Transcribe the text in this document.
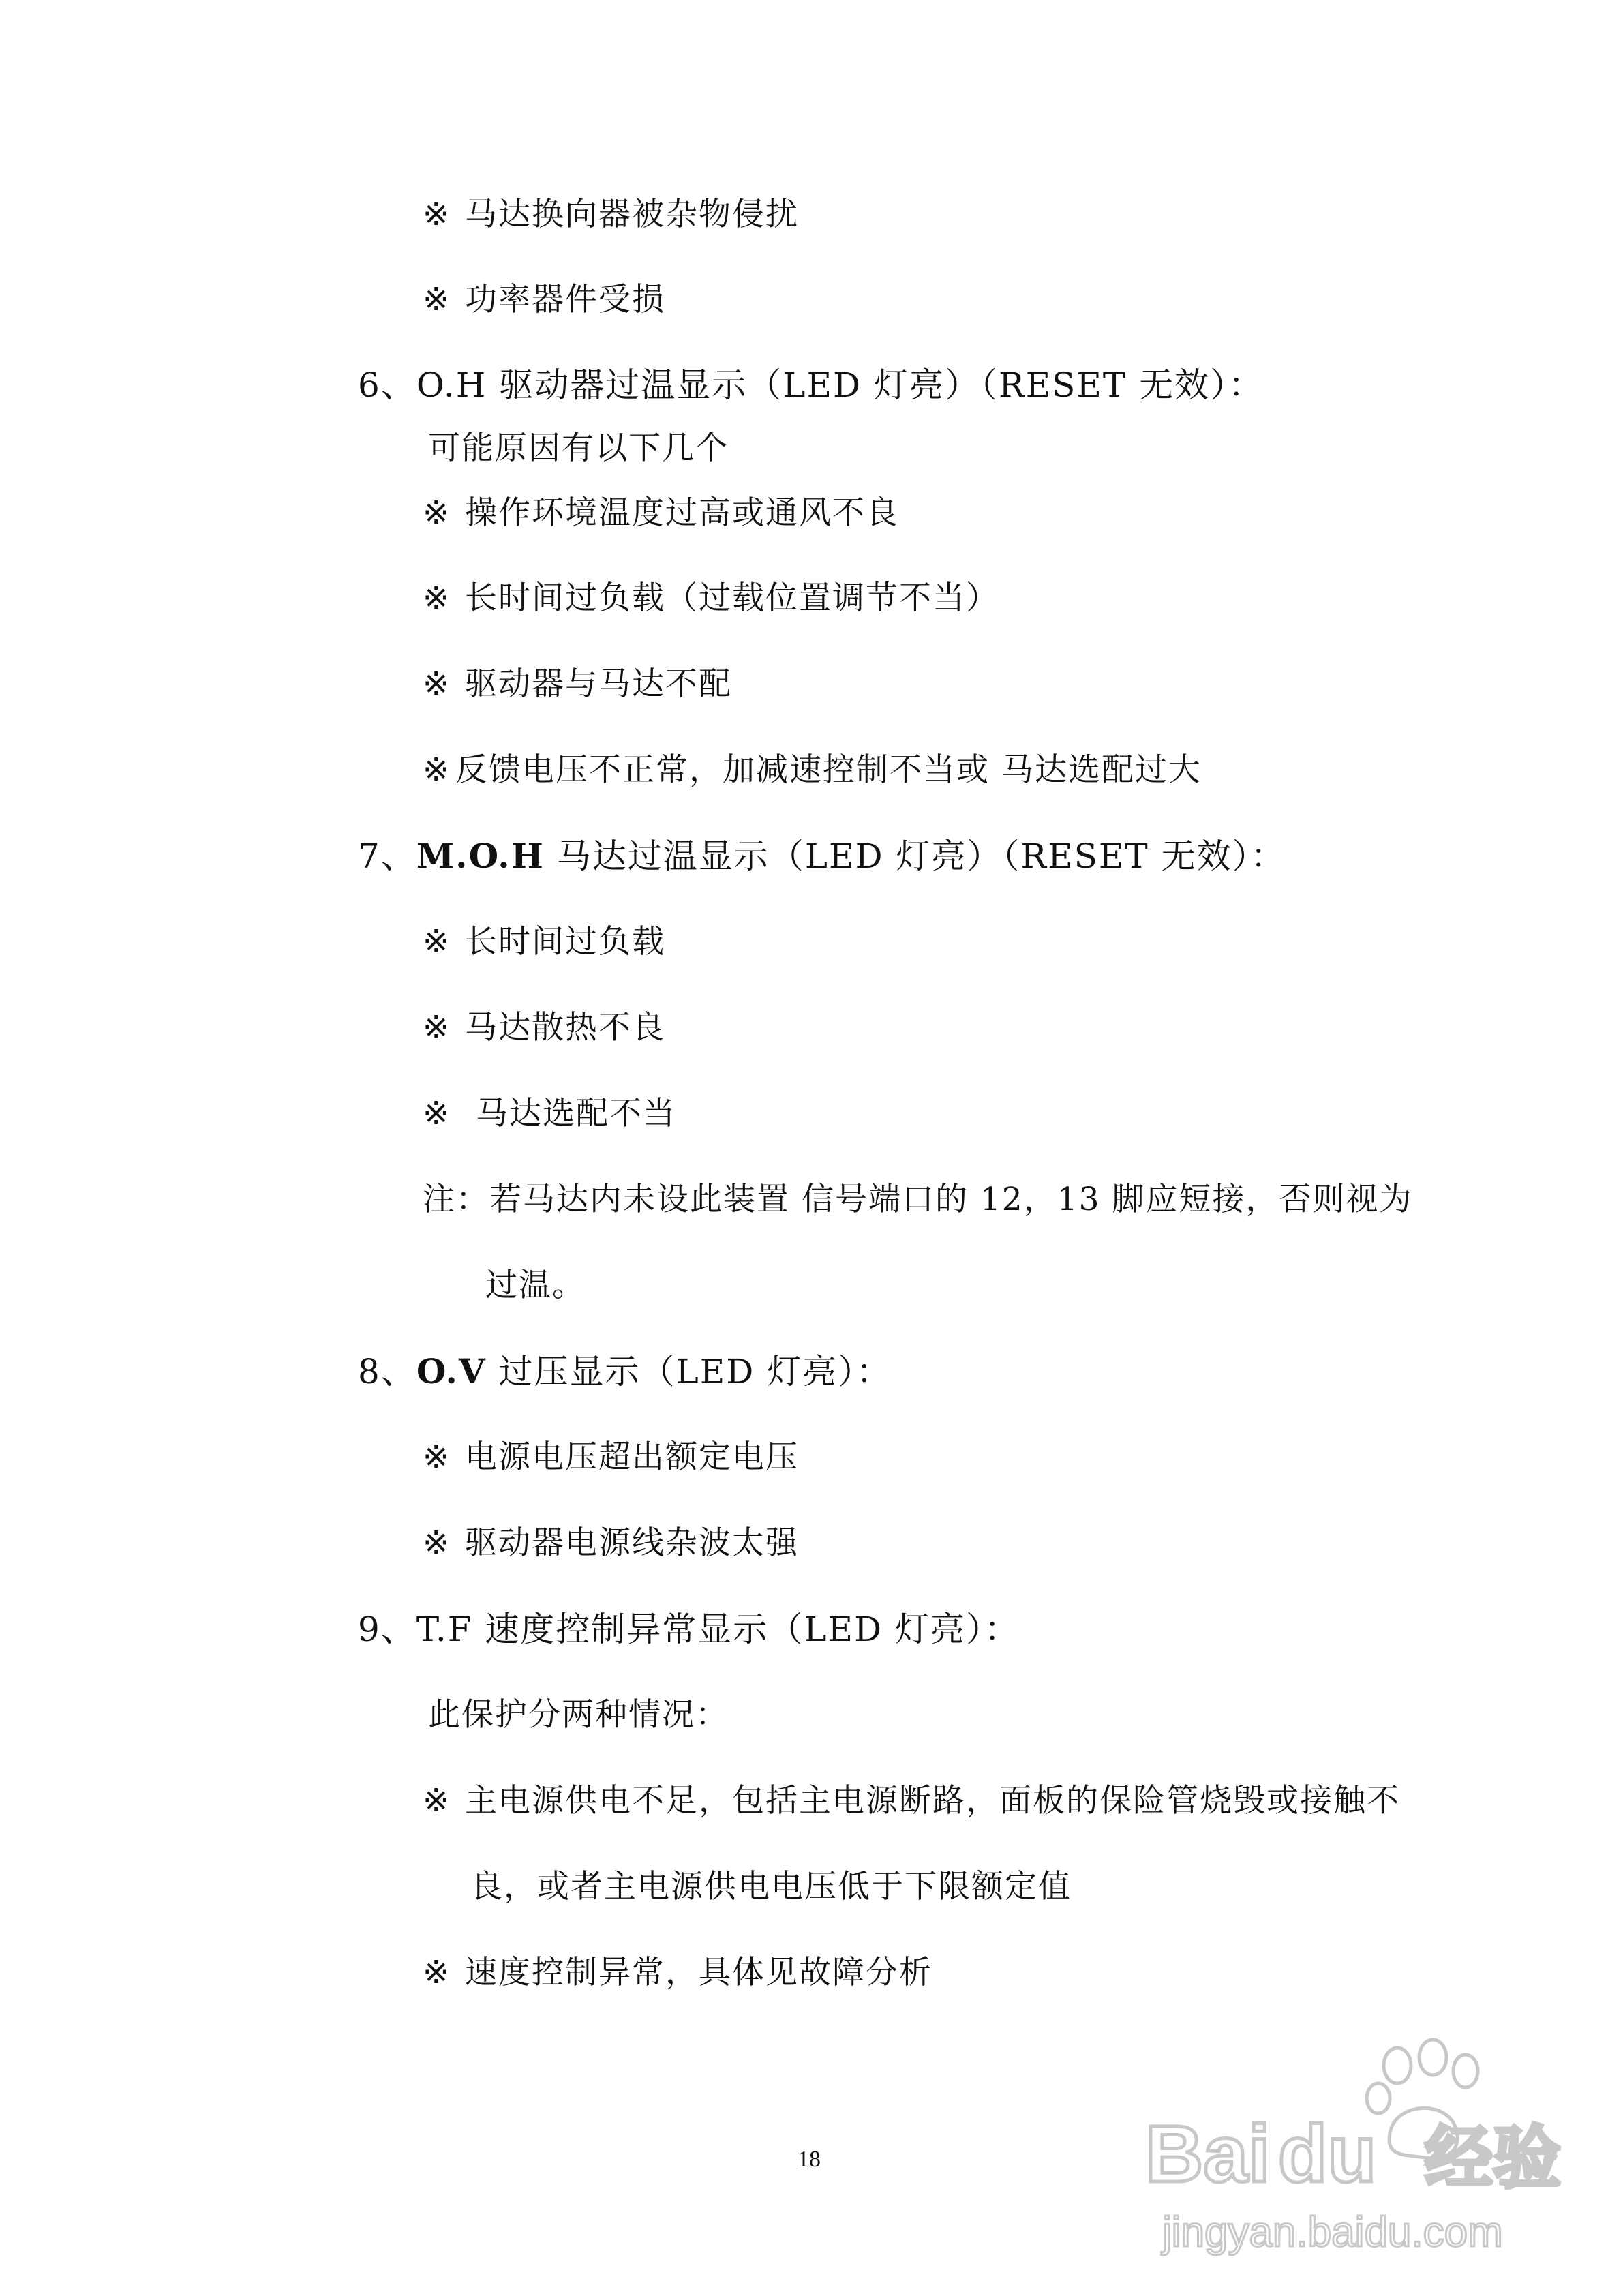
※ 马达换向器被杂物侵扰
※ 功率器件受损
6、O.H 驱动器过温显示（LED 灯亮）（RESET 无效）：
可能原因有以下几个
※ 操作环境温度过高或通风不良
※ 长时间过负载（过载位置调节不当）
※ 驱动器与马达不配
※ 反馈电压不正常，加减速控制不当或 马达选配过大
7、M.O.H 马达过温显示（LED 灯亮）（RESET 无效）：
※ 长时间过负载
※ 马达散热不良
※ 马达选配不当
注：若马达内未设此装置 信号端口的 12，13 脚应短接，否则视为
过温。
8、O.V 过压显示（LED 灯亮）：
※ 电源电压超出额定电压
※ 驱动器电源线杂波太强
9、T.F 速度控制异常显示（LED 灯亮）：
此保护分两种情况：
※ 主电源供电不足，包括主电源断路，面板的保险管烧毁或接触不
良，或者主电源供电电压低于下限额定值
※ 速度控制异常，具体见故障分析
18	Bai du 经验
jingyan.baidu.com
